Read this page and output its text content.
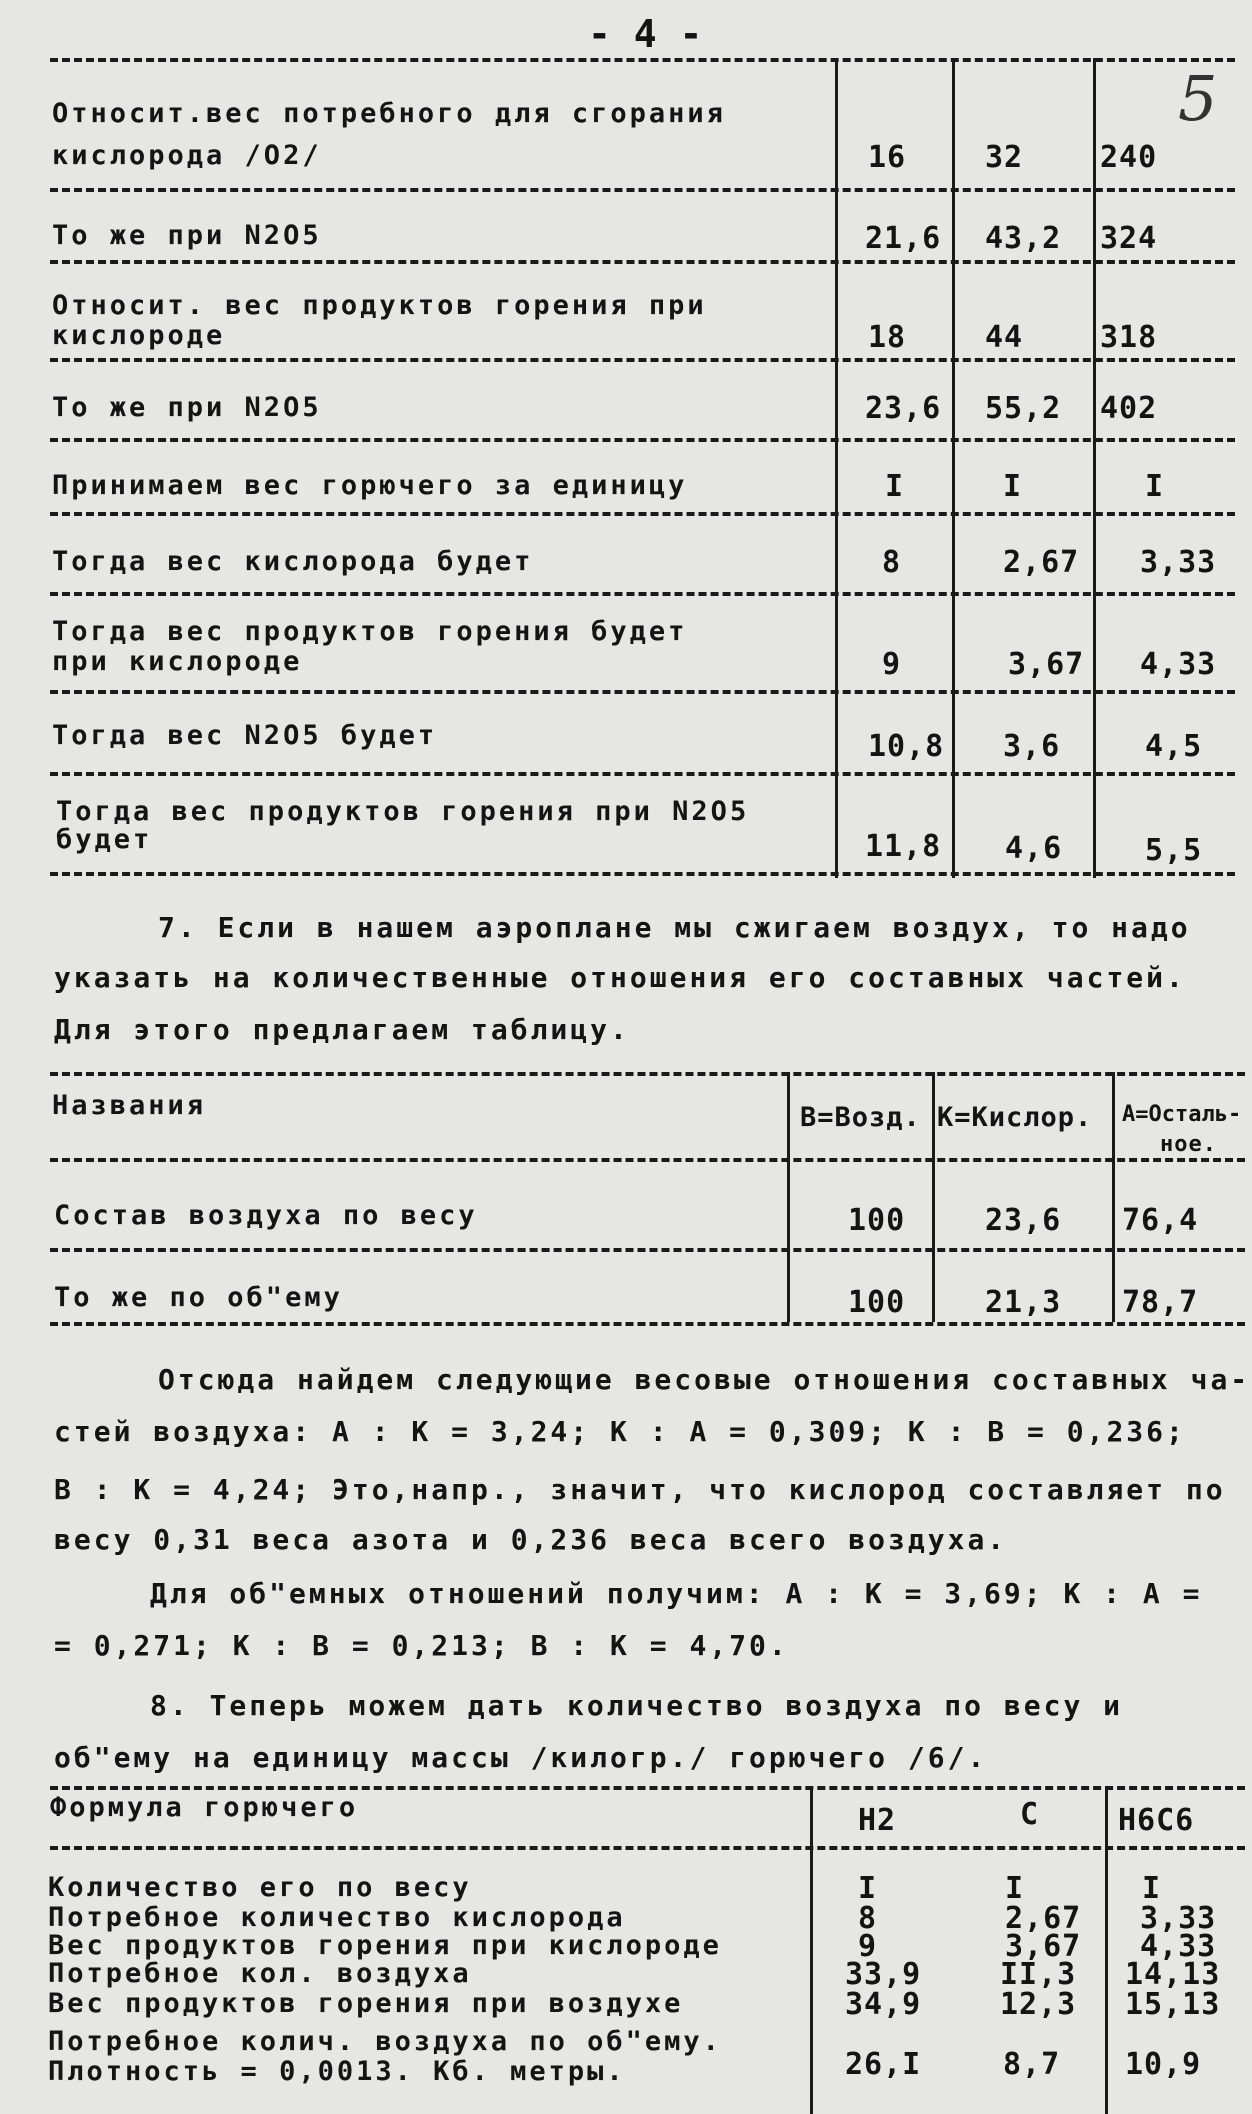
- 4 -
5
Относит.вес потребного для сгорания
кислорода /O2/	16	32	240
То же при N2O5	21,6 43,2 324
Относит. вес продуктов горения при
кислороде	18	44	318
То же при N2O5	23,6 55,2 402
Принимаем вес горючего за единицу	I	I	I
Тогда вес кислорода будет	8	2,67 3,33
Тогда вес продуктов горения будет
при кислороде	9	3,67 4,33
Тогда вес N2O5 будет	10,8 3,6	4,5
Тогда вес продуктов горения при N2O5
будет	11,8 4,6	5,5
7. Если в нашем аэроплане мы сжигаем воздух, то надо
указать на количественные отношения его составных частей.
Для этого предлагаем таблицу.
Названия	В=Возд. К=Кислор. А=Осталь-
ное.
Состав воздуха по весу	100	23,6 76,4
То же по об"ему	100	21,3 78,7
Отсюда найдем следующие весовые отношения составных ча-
стей воздуха: А : К = 3,24; К : А = 0,309; К : В = 0,236;
В : К = 4,24; Это,напр., значит, что кислород составляет по
весу 0,31 веса азота и 0,236 веса всего воздуха.
Для об"емных отношений получим: А : К = 3,69; К : А =
= 0,271; К : В = 0,213; В : К = 4,70.
8. Теперь можем дать количество воздуха по весу и
об"ему на единицу массы /килогр./ горючего /6/.
Формула горючего	H2	C	H6C6
Количество его по весу	I	I	I
Потребное количество кислорода	8	2,67 3,33
Вес продуктов горения при кислороде	9	3,67 4,33
Потребное кол. воздуха	33,9	II,3 14,13
Вес продуктов горения при воздухе	34,9	12,3 15,13
Потребное колич. воздуха по об"ему.
Плотность = 0,0013. Кб. метры.	26,I	8,7 10,9
